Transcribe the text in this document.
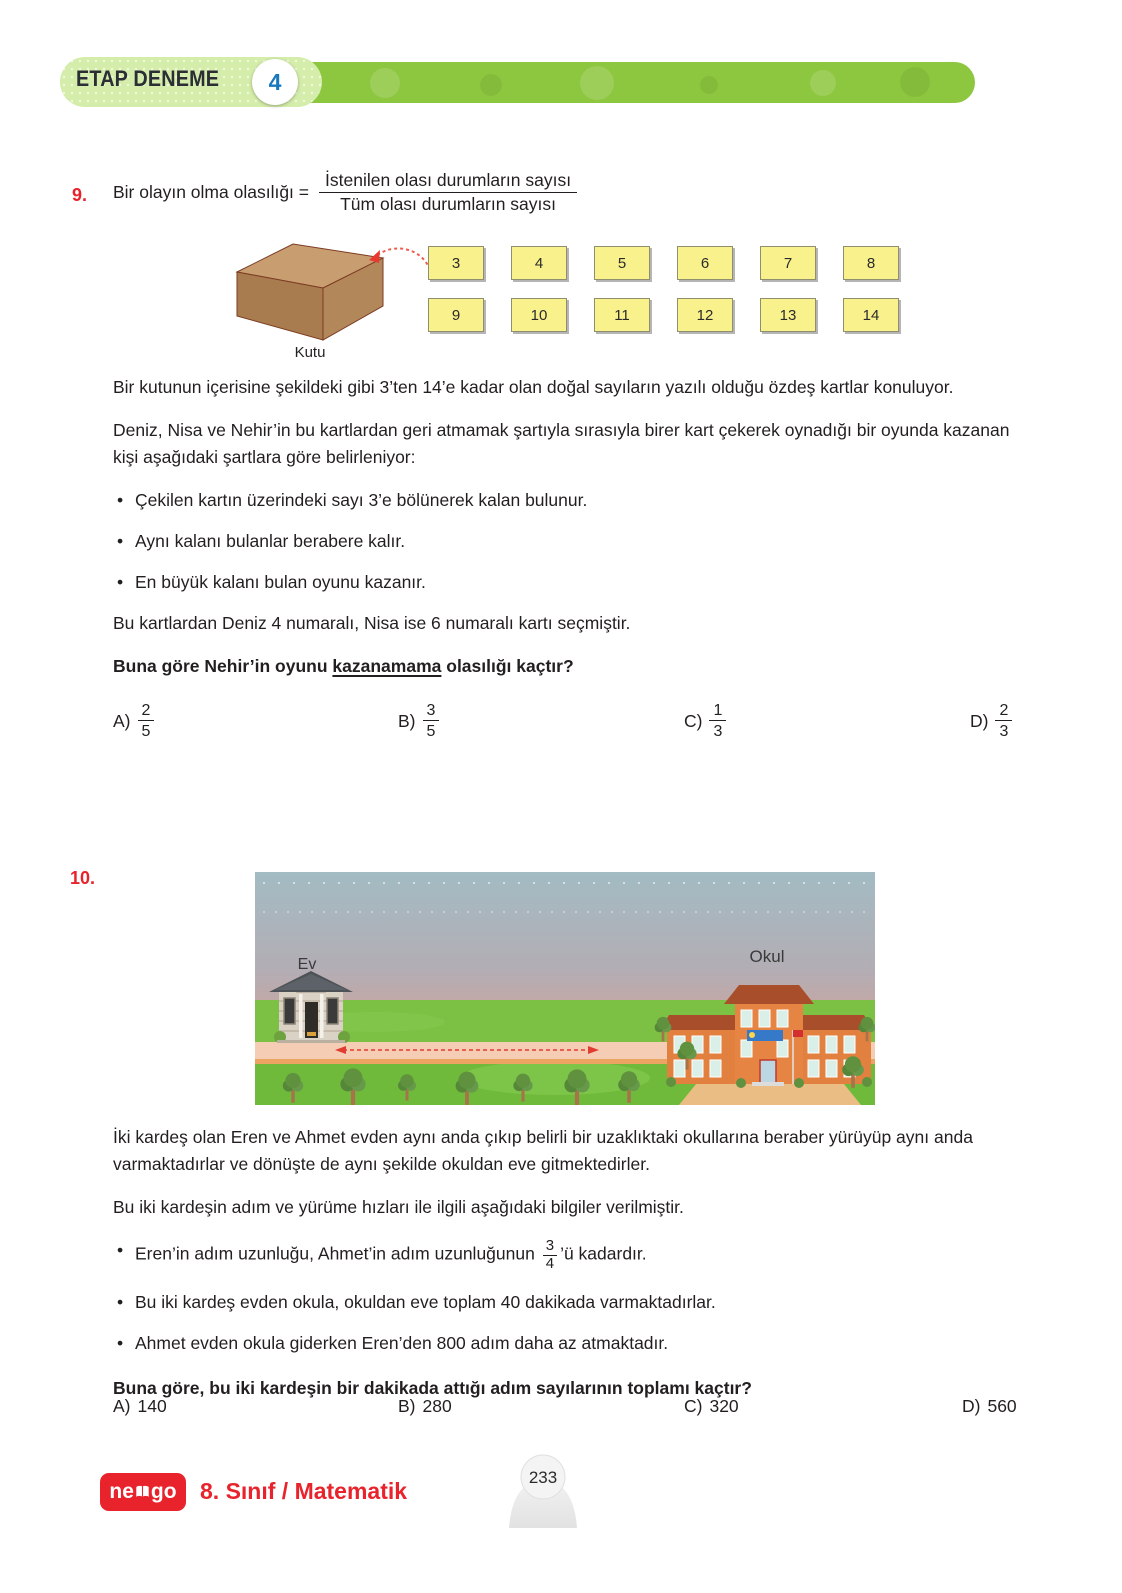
ETAP DENEME	4
9. Bir olayın olma olasılığı = $\frac{\text{İstenilen olası durumların sayısı}}{\text{Tüm olası durumların sayısı}}$
Kutu
3	4	5	6	7	8
9	10	11	12	13	14

Bir kutunun içerisine şekildeki gibi 3’ten 14’e kadar olan doğal sayıların yazılı olduğu özdeş kartlar konuluyor.

Deniz, Nisa ve Nehir’in bu kartlardan geri atmamak şartıyla sırasıyla birer kart çekerek oynadığı bir oyunda kazanan kişi aşağıdaki şartlara göre belirleniyor:

• Çekilen kartın üzerindeki sayı 3’e bölünerek kalan bulunur.
• Aynı kalanı bulanlar berabere kalır.
• En büyük kalanı bulan oyunu kazanır.

Bu kartlardan Deniz 4 numaralı, Nisa ise 6 numaralı kartı seçmiştir.

Buna göre Nehir’in oyunu kazanamama olasılığı kaçtır?

$A) \frac{2}{5}$	$B) \frac{3}{5}$	$C) \frac{1}{3}$	$D) \frac{2}{3}$
10.
Ev	Okul

İki kardeş olan Eren ve Ahmet evden aynı anda çıkıp belirli bir uzaklıktaki okullarına beraber yürüyüp aynı anda varmaktadırlar ve dönüşte de aynı şekilde okuldan eve gitmektedirler.

Bu iki kardeşin adım ve yürüme hızları ile ilgili aşağıdaki bilgiler verilmiştir.

• Eren’in adım uzunluğu, Ahmet’in adım uzunluğunun $\frac{3}{4}$ ’ü kadardır.
• Bu iki kardeş evden okula, okuldan eve toplam 40 dakikada varmaktadırlar.
• Ahmet evden okula giderken Eren’den 800 adım daha az atmaktadır.

Buna göre, bu iki kardeşin bir dakikada attığı adım sayılarının toplamı kaçtır?

A) 140	B) 280	C) 320	D) 560
ne go 8. Sınıf / Matematik
233
